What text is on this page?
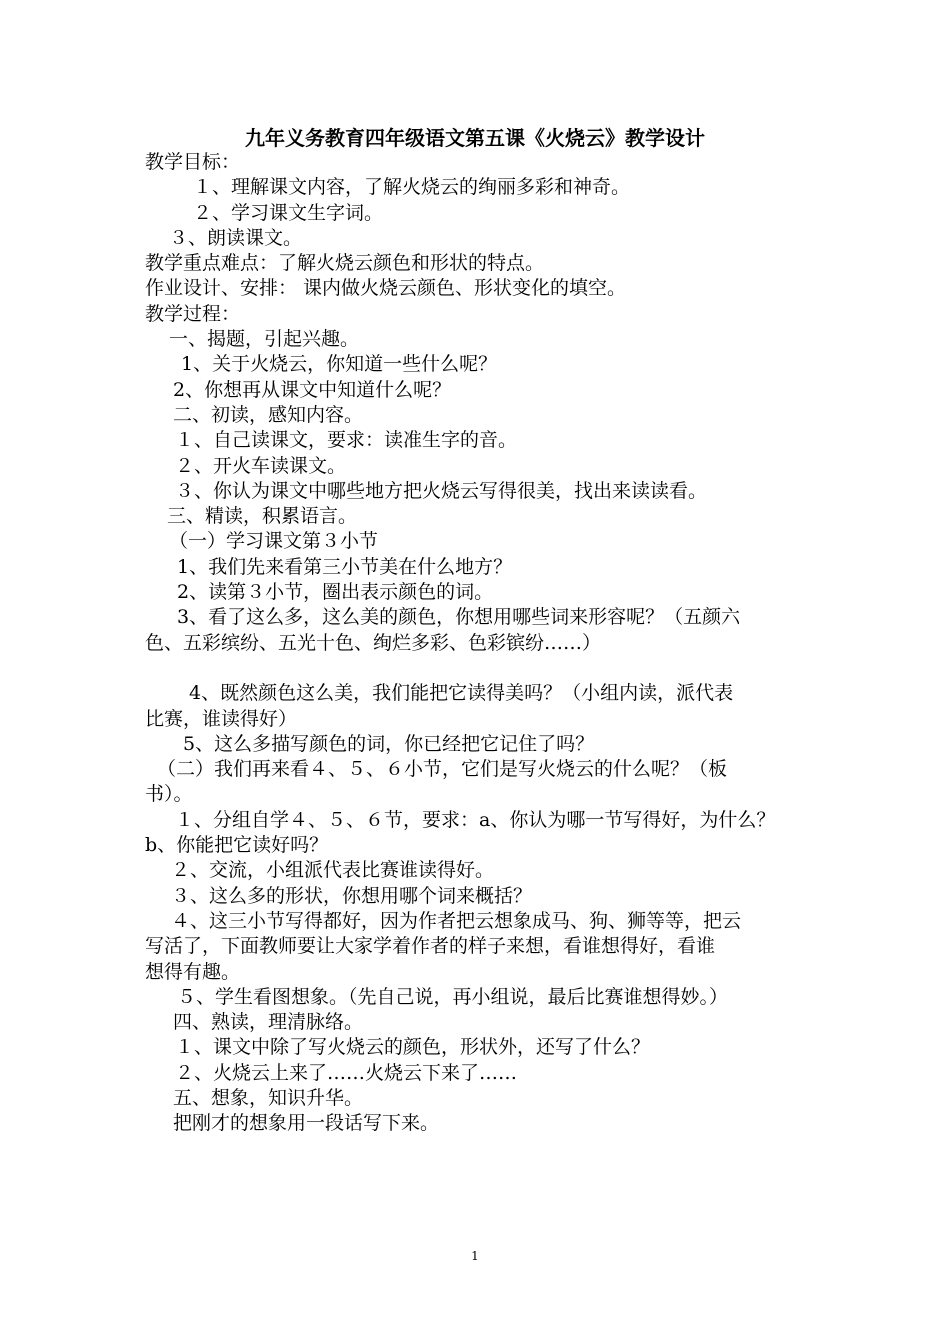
九年义务教育四年级语文第五课《火烧云》教学设计
教学目标：
１、理解课文内容，了解火烧云的绚丽多彩和神奇。
２、学习课文生字词。
３、朗读课文。
教学重点难点：了解火烧云颜色和形状的特点。
作业设计、安排： 课内做火烧云颜色、形状变化的填空。
教学过程：
一、揭题，引起兴趣。
1、关于火烧云，你知道一些什么呢？
2、你想再从课文中知道什么呢？
二、初读，感知内容。
１、自己读课文，要求：读准生字的音。
２、开火车读课文。
３、你认为课文中哪些地方把火烧云写得很美，找出来读读看。
三、精读，积累语言。
（一）学习课文第３小节
1、我们先来看第三小节美在什么地方？
2、读第３小节，圈出表示颜色的词。
3、看了这么多，这么美的颜色，你想用哪些词来形容呢？（五颜六
色、五彩缤纷、五光十色、绚烂多彩、色彩镔纷……）
4、既然颜色这么美，我们能把它读得美吗？（小组内读，派代表
比赛，谁读得好）
5、这么多描写颜色的词，你已经把它记住了吗？
（二）我们再来看４、５、６小节，它们是写火烧云的什么呢？（板
书）。
１、分组自学４、５、６节，要求：a、你认为哪一节写得好，为什么？
b、你能把它读好吗？
２、交流，小组派代表比赛谁读得好。
３、这么多的形状，你想用哪个词来概括？
４、这三小节写得都好，因为作者把云想象成马、狗、狮等等，把云
写活了，下面教师要让大家学着作者的样子来想，看谁想得好，看谁
想得有趣。
５、学生看图想象。（先自己说，再小组说，最后比赛谁想得妙。）
四、熟读，理清脉络。
１、课文中除了写火烧云的颜色，形状外，还写了什么？
２、火烧云上来了……火烧云下来了……
五、想象，知识升华。
把刚才的想象用一段话写下来。
1
